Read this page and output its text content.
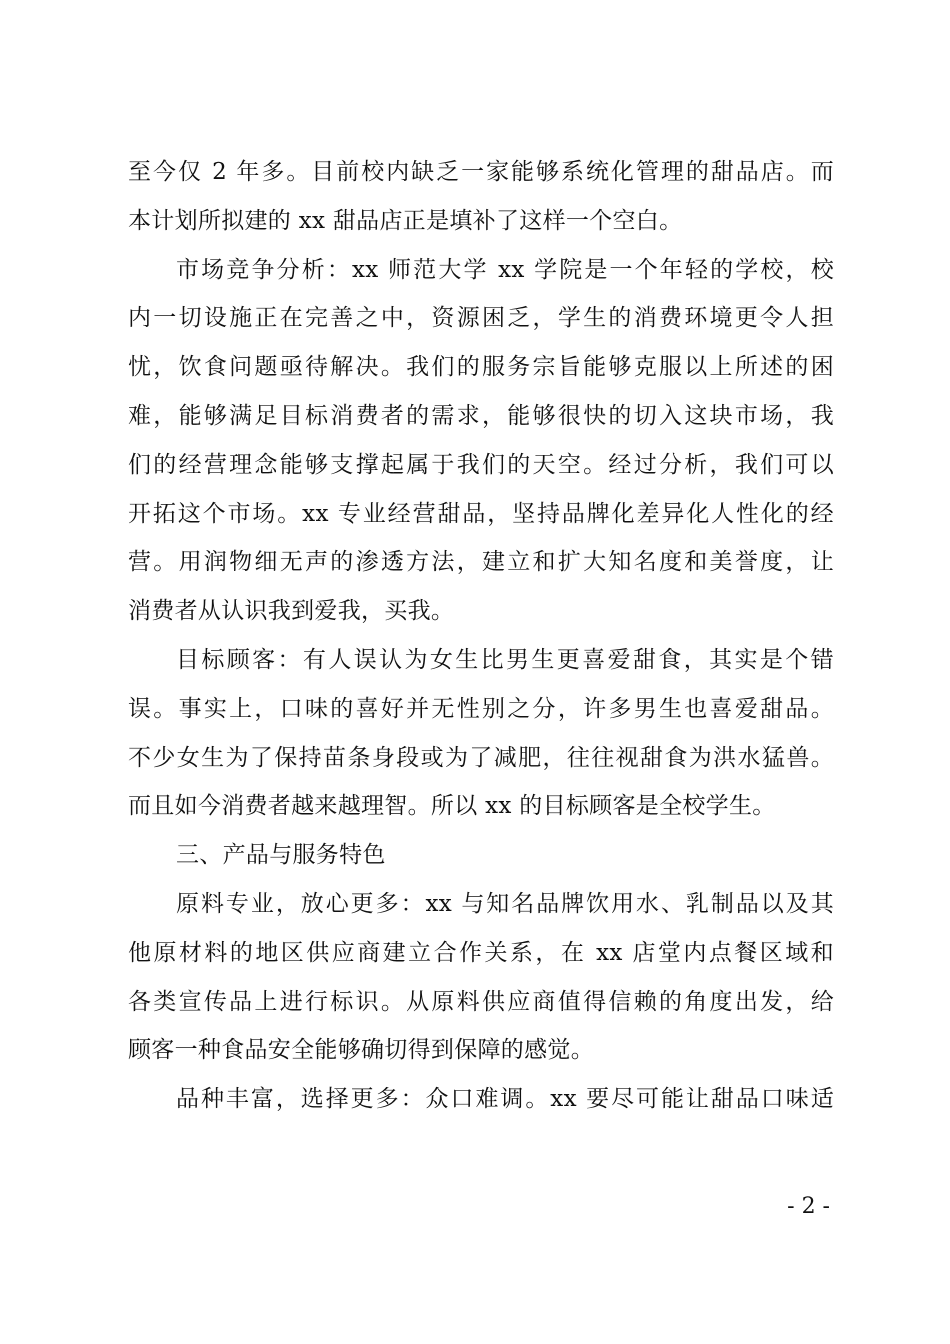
至今仅 2 年多。目前校内缺乏一家能够系统化管理的甜品店。而
本计划所拟建的 xx 甜品店正是填补了这样一个空白。
市场竞争分析：xx 师范大学 xx 学院是一个年轻的学校，校
内一切设施正在完善之中，资源困乏，学生的消费环境更令人担
忧，饮食问题亟待解决。我们的服务宗旨能够克服以上所述的困
难，能够满足目标消费者的需求，能够很快的切入这块市场，我
们的经营理念能够支撑起属于我们的天空。经过分析，我们可以
开拓这个市场。xx 专业经营甜品，坚持品牌化差异化人性化的经
营。用润物细无声的渗透方法，建立和扩大知名度和美誉度，让
消费者从认识我到爱我，买我。
目标顾客：有人误认为女生比男生更喜爱甜食，其实是个错
误。事实上，口味的喜好并无性别之分，许多男生也喜爱甜品。
不少女生为了保持苗条身段或为了减肥，往往视甜食为洪水猛兽。
而且如今消费者越来越理智。所以 xx 的目标顾客是全校学生。
三、产品与服务特色
原料专业，放心更多：xx 与知名品牌饮用水、乳制品以及其
他原材料的地区供应商建立合作关系，在 xx 店堂内点餐区域和
各类宣传品上进行标识。从原料供应商值得信赖的角度出发，给
顾客一种食品安全能够确切得到保障的感觉。
品种丰富，选择更多：众口难调。xx 要尽可能让甜品口味适
- 2 -
